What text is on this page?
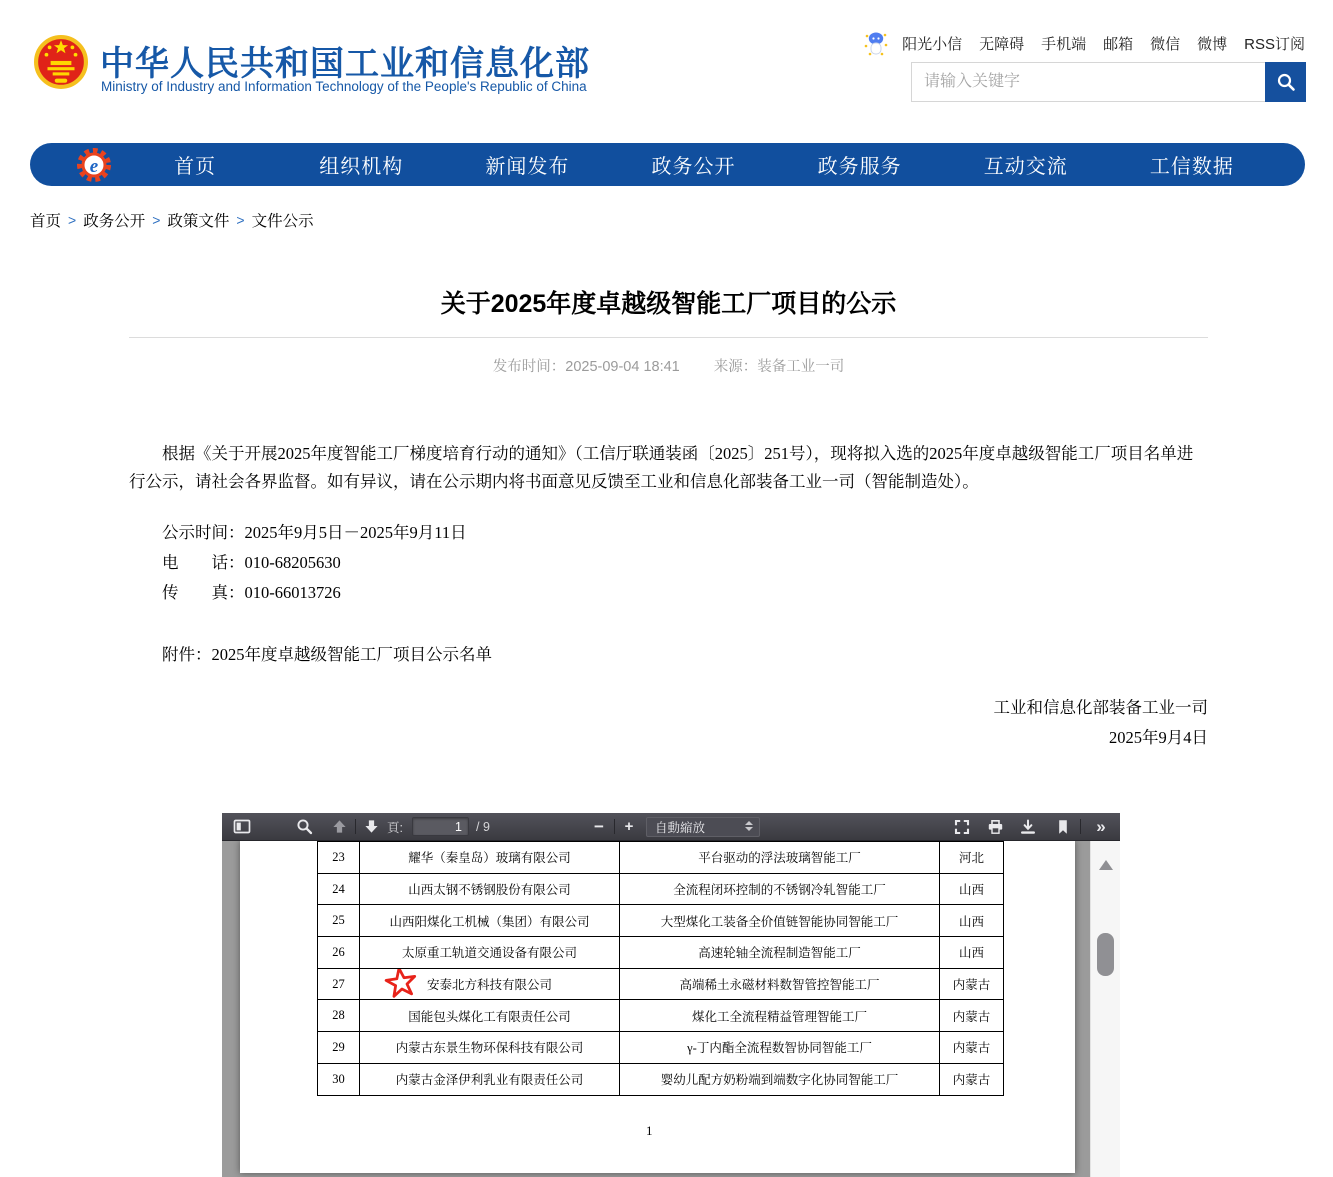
中华人民共和国工业和信息化部
Ministry of Industry and Information Technology of the People's Republic of China
阳光小信 无障碍 手机端 邮箱 微信 微博 RSS订阅
请输入关键字
e	首页	组织机构	新闻发布	政务公开	政务服务	互动交流	工信数据
首页 > 政务公开 > 政策文件 > 文件公示
关于2025年度卓越级智能工厂项目的公示
发布时间：2025-09-04 18:41 来源：装备工业一司
根据《关于开展2025年度智能工厂梯度培育行动的通知》（工信厅联通装函〔2025〕251号），现将拟入选的2025年度卓越级智能工厂项目名单进行公示，请社会各界监督。如有异议，请在公示期内将书面意见反馈至工业和信息化部装备工业一司（智能制造处）。
公示时间：2025年9月5日－2025年9月11日
电　　话：010-68205630
传　　真：010-66013726
附件：2025年度卓越级智能工厂项目公示名单
工业和信息化部装备工业一司
2025年9月4日
頁:
1	/ 9	−	+	自動縮放	»
23	耀华（秦皇岛）玻璃有限公司	平台驱动的浮法玻璃智能工厂	河北
24	山西太钢不锈钢股份有限公司	全流程闭环控制的不锈钢冷轧智能工厂	山西
25	山西阳煤化工机械（集团）有限公司	大型煤化工装备全价值链智能协同智能工厂	山西
26	太原重工轨道交通设备有限公司	高速轮轴全流程制造智能工厂	山西
27	安泰北方科技有限公司	高端稀土永磁材料数智管控智能工厂	内蒙古
28	国能包头煤化工有限责任公司	煤化工全流程精益管理智能工厂	内蒙古
29	内蒙古东景生物环保科技有限公司	γ-丁内酯全流程数智协同智能工厂	内蒙古
30	内蒙古金泽伊利乳业有限责任公司	婴幼儿配方奶粉端到端数字化协同智能工厂	内蒙古
1
